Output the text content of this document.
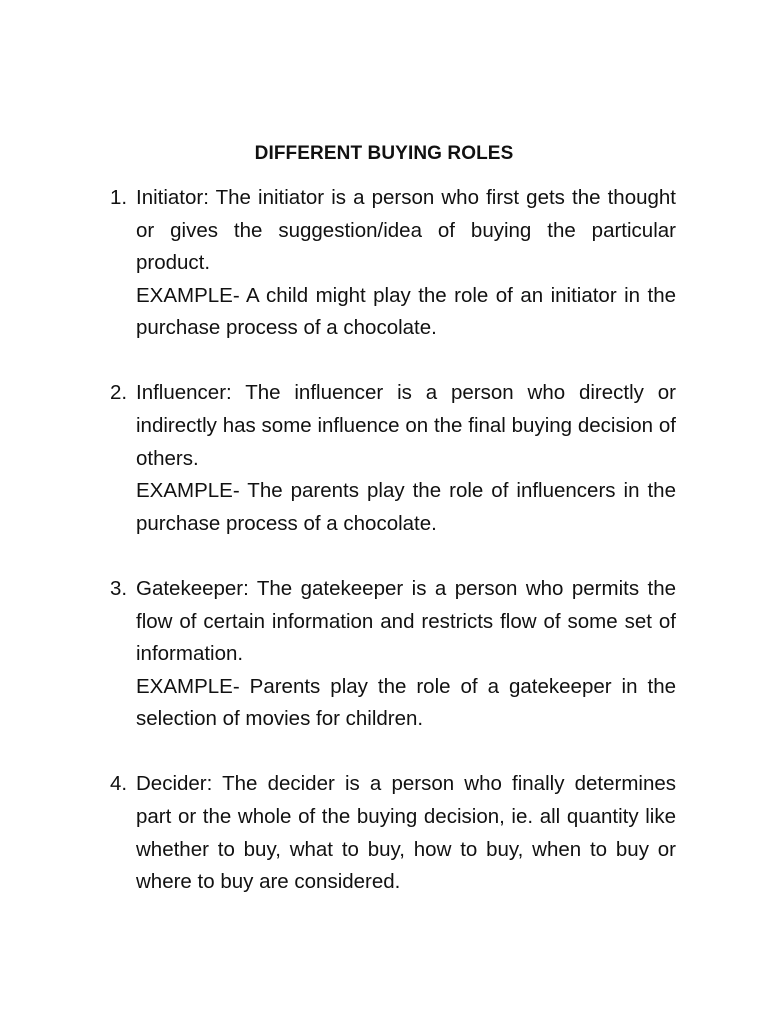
DIFFERENT BUYING ROLES
1. Initiator: The initiator is a person who first gets the thought or gives the suggestion/idea of buying the particular product.
EXAMPLE- A child might play the role of an initiator in the purchase process of a chocolate.
2. Influencer: The influencer is a person who directly or indirectly has some influence on the final buying decision of others.
EXAMPLE- The parents play the role of influencers in the purchase process of a chocolate.
3. Gatekeeper: The gatekeeper is a person who permits the flow of certain information and restricts flow of some set of information.
EXAMPLE- Parents play the role of a gatekeeper in the selection of movies for children.
4. Decider: The decider is a person who finally determines part or the whole of the buying decision, ie. all quantity like whether to buy, what to buy, how to buy, when to buy or where to buy are considered.
